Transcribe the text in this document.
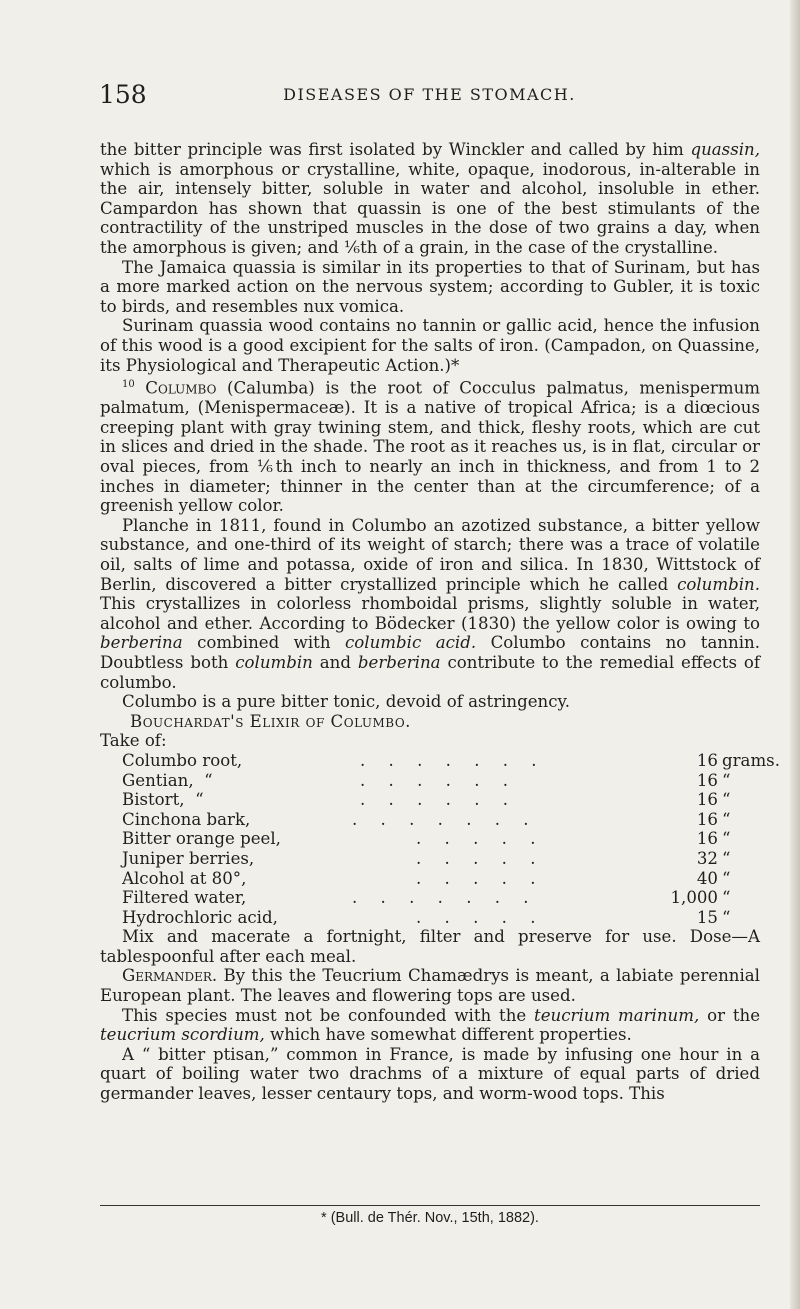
158	DISEASES OF THE STOMACH.

the bitter principle was first isolated by Winckler and called by him quassin, which is amorphous or crystalline, white, opaque, inodorous, in-alterable in the air, intensely bitter, soluble in water and alcohol, insoluble in ether. Campardon has shown that quassin is one of the best stimulants of the contractility of the unstriped muscles in the dose of two grains a day, when the amorphous is given; and ⅙th of a grain, in the case of the crystalline.

The Jamaica quassia is similar in its properties to that of Surinam, but has a more marked action on the nervous system; according to Gubler, it is toxic to birds, and resembles nux vomica.

Surinam quassia wood contains no tannin or gallic acid, hence the infusion of this wood is a good excipient for the salts of iron. (Campadon, on Quassine, its Physiological and Therapeutic Action.)*

$^{10}$ Columbo (Calumba) is the root of Cocculus palmatus, menispermum palmatum, (Menispermaceæ). It is a native of tropical Africa; is a diœcious creeping plant with gray twining stem, and thick, fleshy roots, which are cut in slices and dried in the shade. The root as it reaches us, is in flat, circular or oval pieces, from ⅙th inch to nearly an inch in thickness, and from 1 to 2 inches in diameter; thinner in the center than at the circumference; of a greenish yellow color.

Planche in 1811, found in Columbo an azotized substance, a bitter yellow substance, and one-third of its weight of starch; there was a trace of volatile oil, salts of lime and potassa, oxide of iron and silica. In 1830, Wittstock of Berlin, discovered a bitter crystallized principle which he called columbin. This crystallizes in colorless rhomboidal prisms, slightly soluble in water, alcohol and ether. According to Bödecker (1830) the yellow color is owing to berberina combined with columbic acid. Columbo contains no tannin. Doubtless both columbin and berberina contribute to the remedial effects of columbo.

Columbo is a pure bitter tonic, devoid of astringency.

Bouchardat's Elixir of Columbo.

Take of:

Columbo root,	. . . . . . .	16 grams.
Gentian,  “	. . . . . .	16 “
Bistort,  “	. . . . . .	16 “
Cinchona bark,	. . . . . . .	16 “
Bitter orange peel,	. . . . .	16 “
Juniper berries,	. . . . .	32 “
Alcohol at 80°,	. . . . .	40 “
Filtered water,	. . . . . . .	1,000 “
Hydrochloric acid,	. . . . .	15 “

Mix and macerate a fortnight, filter and preserve for use. Dose—A tablespoonful after each meal.

Germander. By this the Teucrium Chamædrys is meant, a labiate perennial European plant. The leaves and flowering tops are used.

This species must not be confounded with the teucrium marinum, or the teucrium scordium, which have somewhat different properties.

A “ bitter ptisan,” common in France, is made by infusing one hour in a quart of boiling water two drachms of a mixture of equal parts of dried germander leaves, lesser centaury tops, and worm-wood tops. This

* (Bull. de Thér. Nov., 15th, 1882).
